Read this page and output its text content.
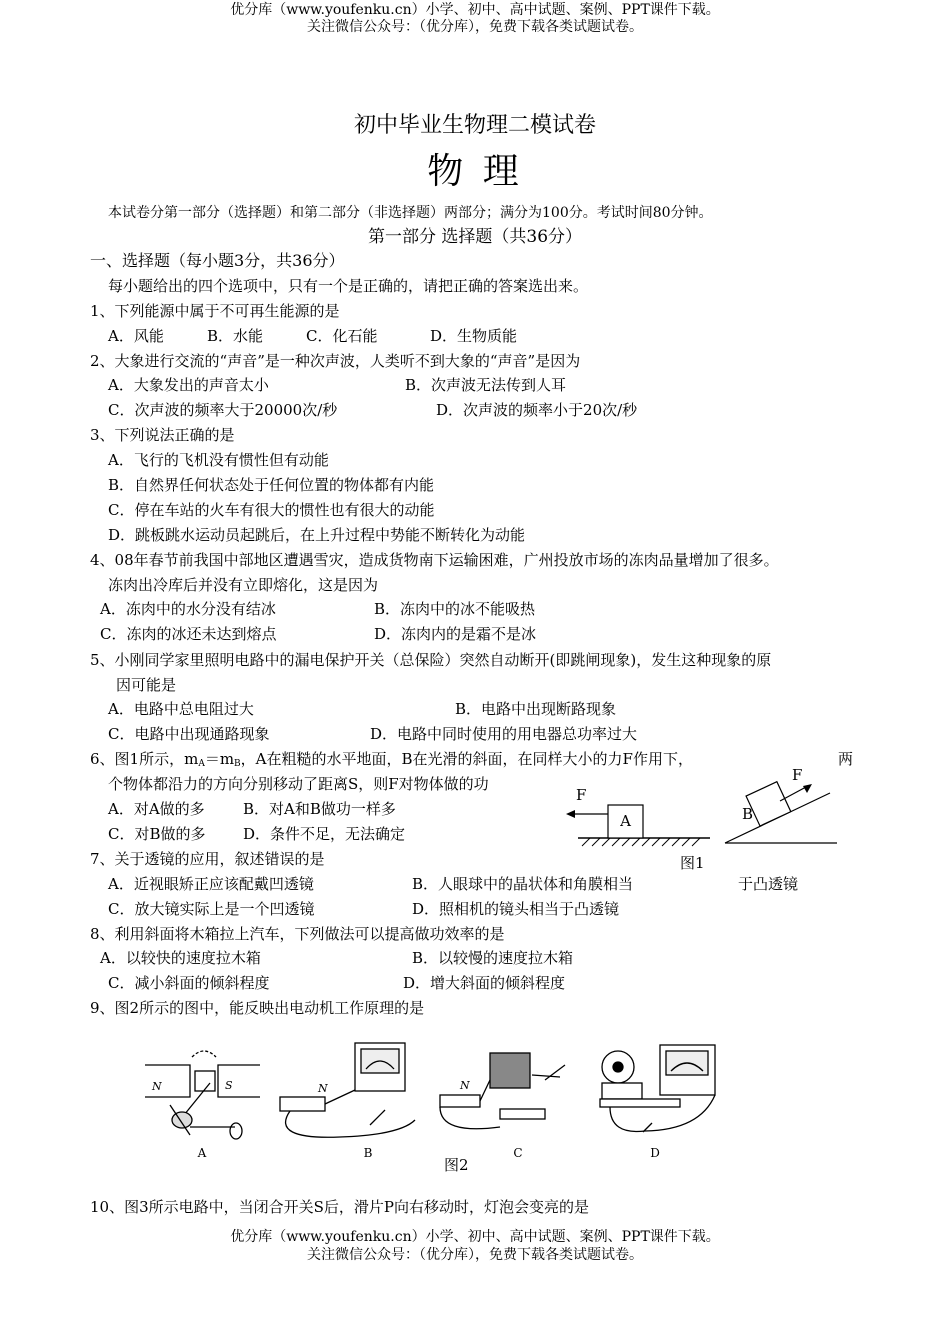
优分库（www.youfenku.cn）小学、初中、高中试题、案例、PPT课件下载。
关注微信公众号：（优分库），免费下载各类试题试卷。
初中毕业生物理二模试卷
物 理
本试卷分第一部分（选择题）和第二部分（非选择题）两部分；满分为100分。考试时间80分钟。
第一部分 选择题（共36分）
一、选择题（每小题3分，共36分）
每小题给出的四个选项中，只有一个是正确的，请把正确的答案选出来。
1、下列能源中属于不可再生能源的是
A．风能	B．水能	C．化石能	D．生物质能
2、大象进行交流的“声音”是一种次声波，人类听不到大象的“声音”是因为
A．大象发出的声音太小	B．次声波无法传到人耳
C．次声波的频率大于20000次/秒	D．次声波的频率小于20次/秒
3、下列说法正确的是
A．飞行的飞机没有惯性但有动能
B．自然界任何状态处于任何位置的物体都有内能
C．停在车站的火车有很大的惯性也有很大的动能
D．跳板跳水运动员起跳后，在上升过程中势能不断转化为动能
4、08年春节前我国中部地区遭遇雪灾，造成货物南下运输困难，广州投放市场的冻肉品量增加了很多。
冻肉出冷库后并没有立即熔化，这是因为
A．冻肉中的水分没有结冰	B．冻肉中的冰不能吸热
C．冻肉的冰还未达到熔点	D．冻肉内的是霜不是冰
5、小刚同学家里照明电路中的漏电保护开关（总保险）突然自动断开(即跳闸现象)，发生这种现象的原
因可能是
A．电路中总电阻过大	B．电路中出现断路现象
C．电路中出现通路现象	D．电路中同时使用的用电器总功率过大
6、图1所示，$m_A=m_B$，A在粗糙的水平地面，B在光滑的斜面，在同样大小的力F作用下，	两
个物体都沿力的方向分别移动了距离S，则F对物体做的功
A．对A做的多	B．对A和B做功一样多
C．对B做的多 D．条件不足，无法确定
A
F
B
F
图1
7、关于透镜的应用，叙述错误的是
A．近视眼矫正应该配戴凹透镜	B．人眼球中的晶状体和角膜相当	于凸透镜
C．放大镜实际上是一个凹透镜	D．照相机的镜头相当于凸透镜
8、利用斜面将木箱拉上汽车，下列做法可以提高做功效率的是
A．以较快的速度拉木箱	B．以较慢的速度拉木箱
C．减小斜面的倾斜程度	D．增大斜面的倾斜程度
9、图2所示的图中，能反映出电动机工作原理的是
N	S	N	N
A	B	C	D
图2
10、图3所示电路中，当闭合开关S后，滑片P向右移动时，灯泡会变亮的是
优分库（www.youfenku.cn）小学、初中、高中试题、案例、PPT课件下载。
关注微信公众号：（优分库），免费下载各类试题试卷。
